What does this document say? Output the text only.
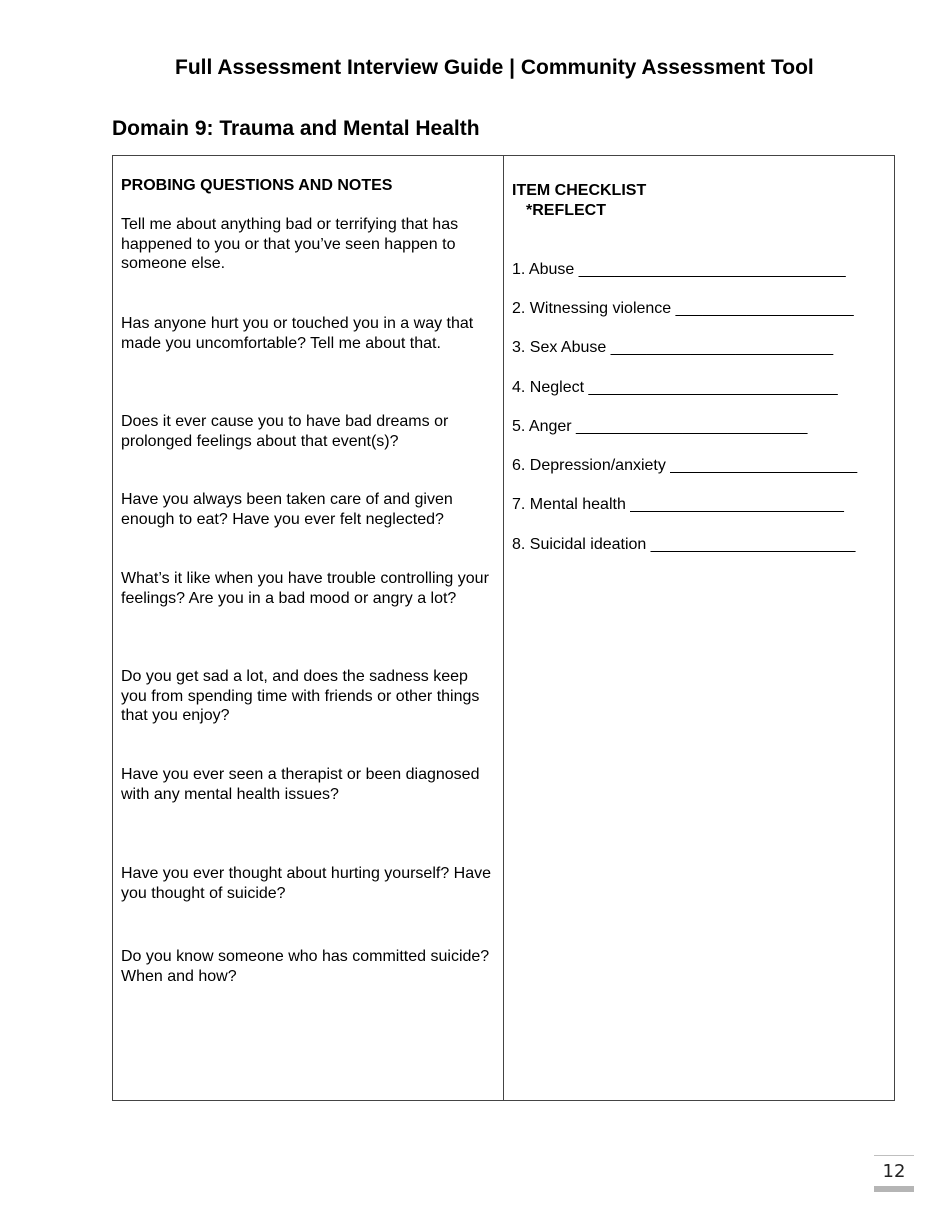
Full Assessment Interview Guide | Community Assessment Tool
Domain 9: Trauma and Mental Health
PROBING QUESTIONS AND NOTES
Tell me about anything bad or terrifying that has happened to you or that you’ve seen happen to someone else.
Has anyone hurt you or touched you in a way that made you uncomfortable? Tell me about that.
Does it ever cause you to have bad dreams or prolonged feelings about that event(s)?
Have you always been taken care of and given enough to eat? Have you ever felt neglected?
What’s it like when you have trouble controlling your feelings? Are you in a bad mood or angry a lot?
Do you get sad a lot, and does the sadness keep you from spending time with friends or other things that you enjoy?
Have you ever seen a therapist or been diagnosed with any mental health issues?
Have you ever thought about hurting yourself? Have you thought of suicide?
Do you know someone who has committed suicide? When and how?
ITEM CHECKLIST
*REFLECT
1. Abuse ______________________________
2. Witnessing violence ____________________
3. Sex Abuse _________________________
4. Neglect ____________________________
5. Anger __________________________
6. Depression/anxiety _____________________
7. Mental health ________________________
8. Suicidal ideation _______________________
12
